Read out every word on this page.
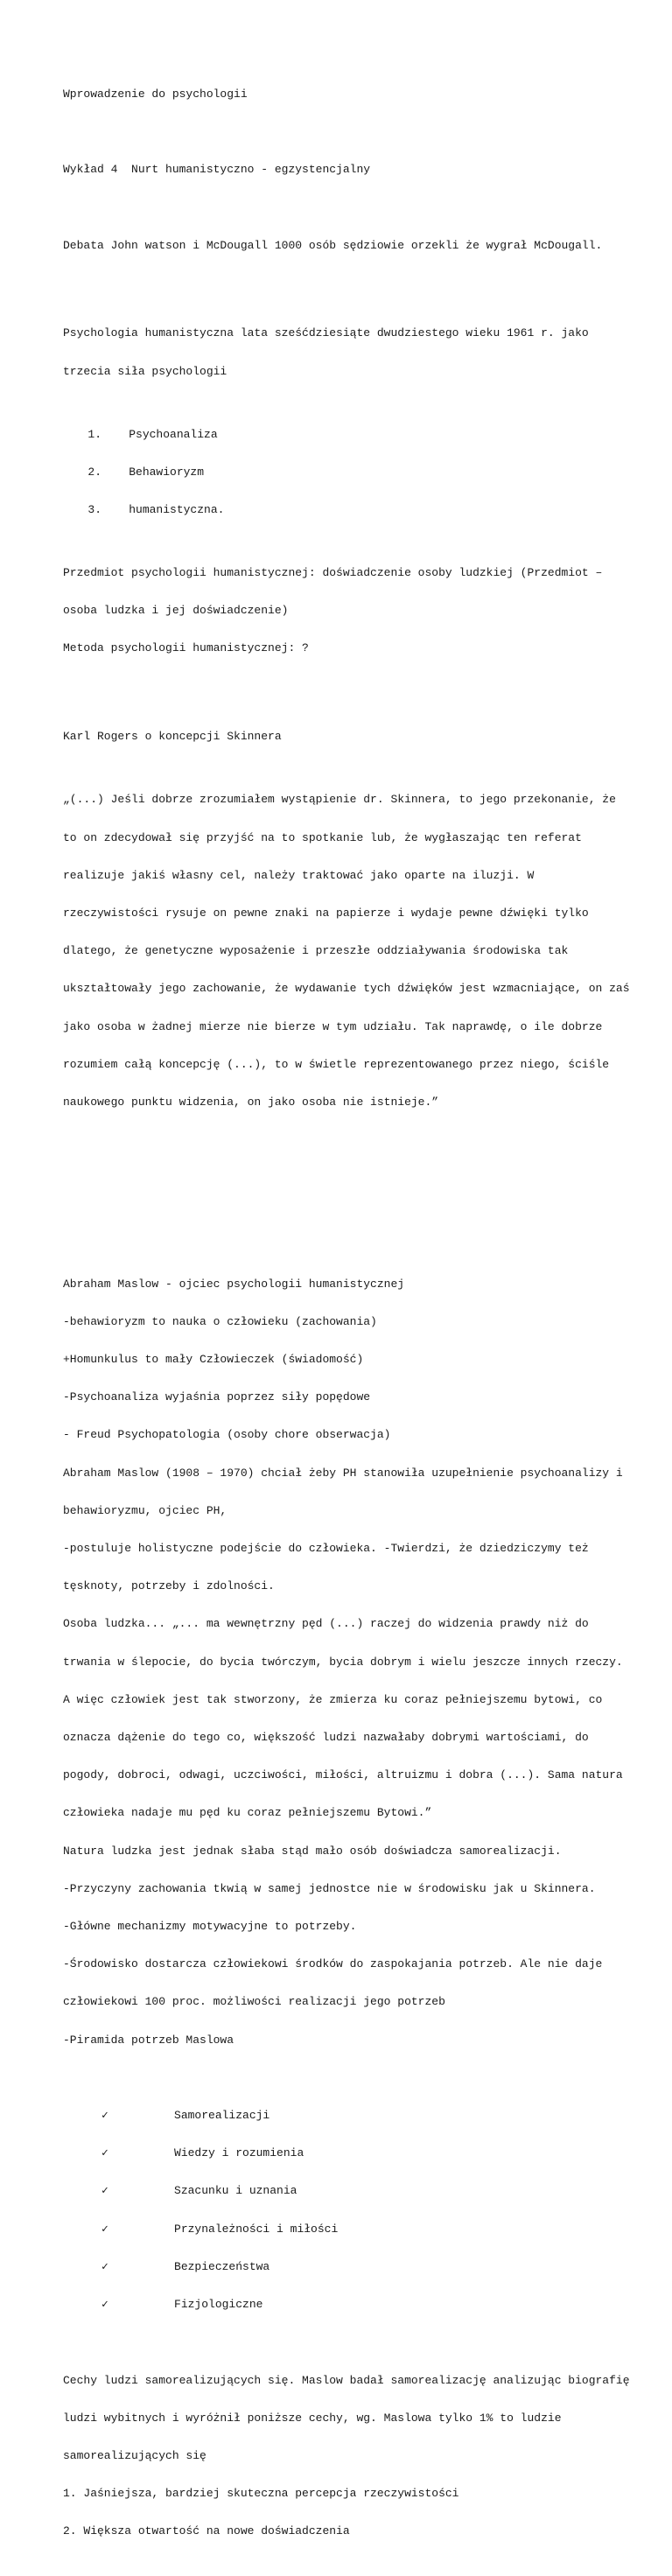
Wprowadzenie do psychologii

Wykład 4  Nurt humanistyczno - egzystencjalny

Debata John watson i McDougall 1000 osób sędziowie orzekli że wygrał McDougall.

Psychologia humanistyczna lata sześćdziesiąte dwudziestego wieku 1961 r. jako

trzecia siła psychologii

1. Psychoanaliza

2. Behawioryzm

3. humanistyczna.

Przedmiot psychologii humanistycznej: doświadczenie osoby ludzkiej (Przedmiot –

osoba ludzka i jej doświadczenie)

Metoda psychologii humanistycznej: ?

Karl Rogers o koncepcji Skinnera

„(...) Jeśli dobrze zrozumiałem wystąpienie dr. Skinnera, to jego przekonanie, że

to on zdecydował się przyjść na to spotkanie lub, że wygłaszając ten referat

realizuje jakiś własny cel, należy traktować jako oparte na iluzji. W

rzeczywistości rysuje on pewne znaki na papierze i wydaje pewne dźwięki tylko

dlatego, że genetyczne wyposażenie i przeszłe oddziaływania środowiska tak

ukształtowały jego zachowanie, że wydawanie tych dźwięków jest wzmacniające, on zaś

jako osoba w żadnej mierze nie bierze w tym udziału. Tak naprawdę, o ile dobrze

rozumiem całą koncepcję (...), to w świetle reprezentowanego przez niego, ściśle

naukowego punktu widzenia, on jako osoba nie istnieje.”

Abraham Maslow - ojciec psychologii humanistycznej

-behawioryzm to nauka o człowieku (zachowania)

+Homunkulus to mały Człowieczek (świadomość)

-Psychoanaliza wyjaśnia poprzez siły popędowe

- Freud Psychopatologia (osoby chore obserwacja)

Abraham Maslow (1908 – 1970) chciał żeby PH stanowiła uzupełnienie psychoanalizy i

behawioryzmu, ojciec PH,

-postuluje holistyczne podejście do człowieka. -Twierdzi, że dziedziczymy też

tęsknoty, potrzeby i zdolności.

Osoba ludzka... „... ma wewnętrzny pęd (...) raczej do widzenia prawdy niż do

trwania w ślepocie, do bycia twórczym, bycia dobrym i wielu jeszcze innych rzeczy.

A więc człowiek jest tak stworzony, że zmierza ku coraz pełniejszemu bytowi, co

oznacza dążenie do tego co, większość ludzi nazwałaby dobrymi wartościami, do

pogody, dobroci, odwagi, uczciwości, miłości, altruizmu i dobra (...). Sama natura

człowieka nadaje mu pęd ku coraz pełniejszemu Bytowi.”

Natura ludzka jest jednak słaba stąd mało osób doświadcza samorealizacji.

-Przyczyny zachowania tkwią w samej jednostce nie w środowisku jak u Skinnera.

-Główne mechanizmy motywacyjne to potrzeby.

-Środowisko dostarcza człowiekowi środków do zaspokajania potrzeb. Ale nie daje

człowiekowi 100 proc. możliwości realizacji jego potrzeb

-Piramida potrzeb Maslowa

✓	Samorealizacji

✓	Wiedzy i rozumienia

✓	Szacunku i uznania

✓	Przynależności i miłości

✓	Bezpieczeństwa

✓	Fizjologiczne

Cechy ludzi samorealizujących się. Maslow badał samorealizację analizując biografię

ludzi wybitnych i wyróżnił poniższe cechy, wg. Maslowa tylko 1% to ludzie

samorealizujących się

1. Jaśniejsza, bardziej skuteczna percepcja rzeczywistości

2. Większa otwartość na nowe doświadczenia
